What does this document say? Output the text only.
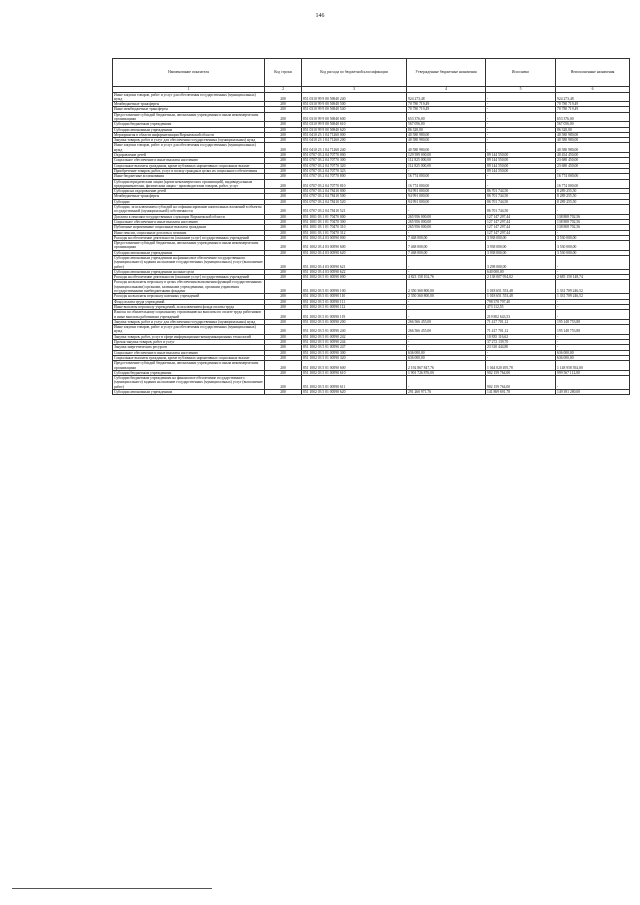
146
Наименование показателя	Код строки	Код расхода по бюджетной классификации	Утвержденные бюджетные назначения	Исполнено	Неисполненные назначения
1	2	3	4	5	6
Иные закупки товаров, работ и услуг для обеспечения государственных (муниципальных) нужд	200	851 0310 99 9 00 56940 240	924 273,48	-	924 273,48
Межбюджетные трансферты	200	851 0310 99 9 00 56940 500	70 780 719,49	-	70 780 719,49
Иные межбюджетные трансферты	200	851 0310 99 9 00 56940 540	70 780 719,49	-	70 780 719,49
Предоставление субсидий бюджетным, автономным учреждениям и иным некоммерческим организациям	200	851 0310 99 9 00 56940 600	653 376,00	-	653 376,00
Субсидии бюджетным учреждениям	200	851 0310 99 9 00 56940 610	567 056,00	-	567 056,00
Субсидии автономным учреждениям	200	851 0310 99 9 00 56940 620	86 320,00	-	86 320,00
Мероприятия в области информатизации Воронежской области	200	851 0410 23 1 04 71260 000	40 580 980,00	-	40 580 980,00
Закупка товаров, работ и услуг для обеспечения государственных (муниципальных) нужд	200	851 0410 23 1 04 71260 200	40 580 980,00	-	40 580 980,00
Иные закупки товаров, работ и услуг для обеспечения государственных (муниципальных) нужд	200	851 0410 23 1 04 71260 240	40 580 980,00	-	40 580 980,00
Оздоровление детей	200	851 0707 03 2 04 70770 000	129 599 000,00	89 144 550,00	40 454 450,00
Социальное обеспечение и иные выплаты населению	200	851 0707 03 2 04 70770 300	112 825 000,00	89 144 550,00	23 680 450,00
Социальные выплаты гражданам, кроме публичных нормативных социальных выплат	200	851 0707 03 2 04 70770 320	112 825 000,00	89 144 550,00	23 680 450,00
Приобретение товаров, работ, услуг в пользу граждан в целях их социального обеспечения	200	851 0707 03 2 04 70770 323	-	89 144 550,00	-
Иные бюджетные ассигнования	200	851 0707 03 2 04 70770 800	16 774 000,00	-	16 774 000,00
Субсидии юридическим лицам (кроме некоммерческих организаций), индивидуальным предпринимателям, физическим лицам - производителям товаров, работ, услуг	200	851 0707 03 2 04 70770 810	16 774 000,00	-	16 774 000,00
Субсидии на оздоровление детей	200	851 0707 03 2 04 78410 000	94 991 000,00	86 701 744,50	8 289 255,50
Межбюджетные трансферты	200	851 0707 03 2 04 78410 500	94 991 000,00	86 701 744,50	8 289 255,50
Субсидии	200	851 0707 03 2 04 78410 520	94 991 000,00	86 701 744,50	8 289 255,50
Субсидии, за исключением субсидий на софинансирование капитальных вложений в объекты государственной (муниципальной) собственности	200	851 0707 03 2 04 78410 521	-	86 701 744,50	-
Доплаты к пенсиям государственных служащих Воронежской области	200	851 1001 03 1 01 70470 000	265 956 000,00	127 147 297,44	138 808 702,56
Социальное обеспечение и иные выплаты населению	200	851 1001 03 1 01 70470 300	265 956 000,00	127 147 297,44	138 808 702,56
Публичные нормативные социальные выплаты гражданам	200	851 1001 03 1 01 70470 310	265 956 000,00	127 147 297,44	138 808 702,56
Иные пенсии, социальные доплаты к пенсиям	200	851 1001 03 1 01 70470 312	-	127 147 297,44	-
Расходы на обеспечение деятельности (оказание услуг) государственных учреждений	200	851 1002 03 4 03 00590 000	7 468 000,00	3 938 000,00	3 530 000,00
Предоставление субсидий бюджетным, автономным учреждениям и иным некоммерческим организациям	200	851 1002 03 4 03 00590 600	7 468 000,00	3 938 000,00	3 530 000,00
Субсидии автономным учреждениям	200	851 1002 03 4 03 00590 620	7 468 000,00	3 938 000,00	3 530 000,00
Субсидии автономным учреждениям на финансовое обеспечение государственного (муниципального) задания на оказание государственных (муниципальных) услуг (выполнение работ)	200	851 1002 03 4 03 00590 621	-	3 298 000,00	-
Субсидии автономным учреждениям на иные цели	200	851 1002 03 4 03 00590 622	-	640 000,00	-
Расходы на обеспечение деятельности (оказание услуг) государственных учреждений	200	851 1002 03 5 01 00590 000	4 823 158 102,76	2 138 007 954,02	2 685 150 148,74
Расходы на выплаты персоналу в целях обеспечения выполнения функций государственными (муниципальными) органами, казенными учреждениями, органами управления государственными внебюджетными фондами	200	851 1002 03 5 01 00590 100	2 350 360 800,00	1 018 651 553,48	1 331 709 246,52
Расходы на выплаты персоналу казенных учреждений	200	851 1002 03 5 01 00590 110	2 350 360 800,00	1 018 651 553,48	1 331 709 246,52
Фонд оплаты труда учреждений	200	851 1002 03 5 01 00590 111	-	798 378 797,40	-
Иные выплаты персоналу учреждений, за исключением фонда оплаты труда	200	851 1002 03 5 01 00590 112	-	473 112,55	-
Взносы по обязательному социальному страхованию на выплаты по оплате труда работников и иные выплаты работникам учреждений	200	851 1002 03 5 01 00590 119	-	219 802 643,53	-
Закупка товаров, работ и услуг для обеспечения государственных (муниципальных) нужд	200	851 1002 03 5 01 00590 200	266 566 455,00	71 417 701,12	195 148 753,88
Иные закупки товаров, работ и услуг для обеспечения государственных (муниципальных) нужд	200	851 1002 03 5 01 00590 240	266 566 455,00	71 417 701,12	195 148 753,88
Закупка товаров, работ, услуг в сфере информационно-коммуникационных технологий	200	851 1002 03 5 01 00590 242	-	10 835 116,62	-
Прочая закупка товаров, работ и услуг	200	851 1002 03 5 01 00590 244	-	37 272 139,70	-
Закупка энергетических ресурсов	200	851 1002 03 5 01 00590 247	-	23 310 444,80	-
Социальное обеспечение и иные выплаты населению	200	851 1002 03 5 01 00590 300	636 000,00	-	636 000,00
Социальные выплаты гражданам, кроме публичных нормативных социальных выплат	200	851 1002 03 5 01 00590 320	636 000,00	-	636 000,00
Предоставление субсидий бюджетным, автономным учреждениям и иным некоммерческим организациям	200	851 1002 03 5 01 00590 600	2 192 867 847,76	1 044 020 495,78	1 148 958 392,00
Субсидии бюджетным учреждениям	200	851 1002 03 5 01 00590 610	1 901 726 876,00	902 159 764,00	999 567 112,00
Субсидии бюджетным учреждениям на финансовое обеспечение государственного (муниципального) задания на оказание государственных (муниципальных) услуг (выполнение работ)	200	851 1002 03 5 01 00590 611	-	902 159 764,00	-
Субсидии автономным учреждениям	200	851 1002 03 5 01 00590 620	291 260 971,76	141 869 691,78	149 391 280,00
